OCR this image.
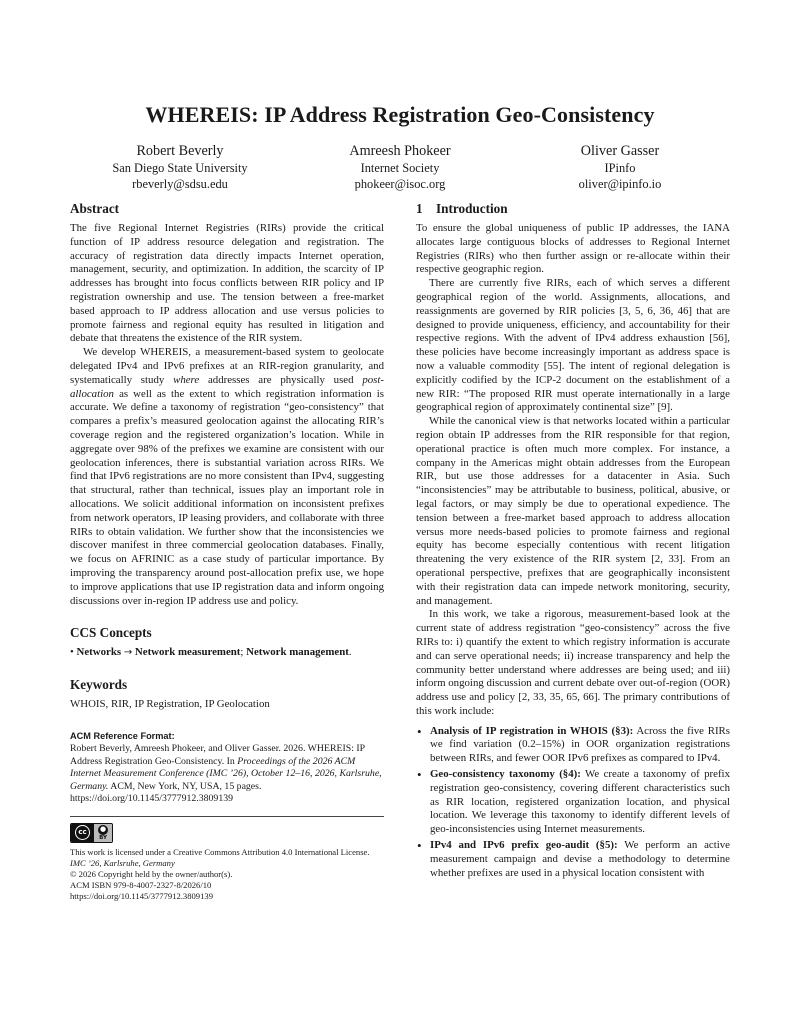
WHEREIS: IP Address Registration Geo-Consistency
Robert Beverly
San Diego State University
rbeverly@sdsu.edu
Amreesh Phokeer
Internet Society
phokeer@isoc.org
Oliver Gasser
IPinfo
oliver@ipinfo.io
Abstract

The five Regional Internet Registries (RIRs) provide the critical function of IP address resource delegation and registration. The accuracy of registration data directly impacts Internet operation, management, security, and optimization. In addition, the scarcity of IP addresses has brought into focus conflicts between RIR policy and IP registration ownership and use. The tension between a free-market based approach to IP address allocation and use versus policies to promote fairness and regional equity has resulted in litigation and debate that threatens the existence of the RIR system.

We develop WHEREIS, a measurement-based system to geolocate delegated IPv4 and IPv6 prefixes at an RIR-region granularity, and systematically study where addresses are physically used post-allocation as well as the extent to which registration information is accurate. We define a taxonomy of registration “geo-consistency” that compares a prefix’s measured geolocation against the allocating RIR’s coverage region and the registered organization’s location. While in aggregate over 98% of the prefixes we examine are consistent with our geolocation inferences, there is substantial variation across RIRs. We find that IPv6 registrations are no more consistent than IPv4, suggesting that structural, rather than technical, issues play an important role in allocations. We solicit additional information on inconsistent prefixes from network operators, IP leasing providers, and collaborate with three RIRs to obtain validation. We further show that the inconsistencies we discover manifest in three commercial geolocation databases. Finally, we focus on AFRINIC as a case study of particular importance. By improving the transparency around post-allocation prefix use, we hope to improve applications that use IP registration data and inform ongoing discussions over in-region IP address use and policy.

CCS Concepts

• Networks → Network measurement; Network management.

Keywords

WHOIS, RIR, IP Registration, IP Geolocation

ACM Reference Format:
Robert Beverly, Amreesh Phokeer, and Oliver Gasser. 2026. WHEREIS: IP Address Registration Geo-Consistency. In Proceedings of the 2026 ACM Internet Measurement Conference (IMC ’26), October 12–16, 2026, Karlsruhe, Germany. ACM, New York, NY, USA, 15 pages. https://doi.org/10.1145/3777912.3809139
cc	●
BY
This work is licensed under a Creative Commons Attribution 4.0 International License.
IMC ’26, Karlsruhe, Germany
© 2026 Copyright held by the owner/author(s).
ACM ISBN 979-8-4007-2327-8/2026/10
https://doi.org/10.1145/3777912.3809139
1 Introduction

To ensure the global uniqueness of public IP addresses, the IANA allocates large contiguous blocks of addresses to Regional Internet Registries (RIRs) who then further assign or re-allocate within their respective geographic region.

There are currently five RIRs, each of which serves a different geographical region of the world. Assignments, allocations, and reassignments are governed by RIR policies [3, 5, 6, 36, 46] that are designed to provide uniqueness, efficiency, and accountability for their respective regions. With the advent of IPv4 address exhaustion [56], these policies have become increasingly important as address space is now a valuable commodity [55]. The intent of regional delegation is explicitly codified by the ICP-2 document on the establishment of a new RIR: “The proposed RIR must operate internationally in a large geographical region of approximately continental size” [9].

While the canonical view is that networks located within a particular region obtain IP addresses from the RIR responsible for that region, operational practice is often much more complex. For instance, a company in the Americas might obtain addresses from the European RIR, but use those addresses for a datacenter in Asia. Such “inconsistencies” may be attributable to business, political, abusive, or legal factors, or may simply be due to operational expedience. The tension between a free-market based approach to address allocation versus more needs-based policies to promote fairness and regional equity has become especially contentious with recent litigation threatening the very existence of the RIR system [2, 33]. From an operational perspective, prefixes that are geographically inconsistent with their registration data can impede network monitoring, security, and management.

In this work, we take a rigorous, measurement-based look at the current state of address registration “geo-consistency” across the five RIRs to: i) quantify the extent to which registry information is accurate and can serve operational needs; ii) increase transparency and help the community better understand where addresses are being used; and iii) inform ongoing discussion and current debate over out-of-region (OOR) address use and policy [2, 33, 35, 65, 66]. The primary contributions of this work include:

• Analysis of IP registration in WHOIS (§3): Across the five RIRs we find variation (0.2–15%) in OOR organization registrations between RIRs, and fewer OOR IPv6 prefixes as compared to IPv4.
• Geo-consistency taxonomy (§4): We create a taxonomy of prefix registration geo-consistency, covering different characteristics such as RIR location, registered organization location, and physical location. We leverage this taxonomy to identify different levels of geo-inconsistencies using Internet measurements.
• IPv4 and IPv6 prefix geo-audit (§5): We perform an active measurement campaign and devise a methodology to determine whether prefixes are used in a physical location consistent with
